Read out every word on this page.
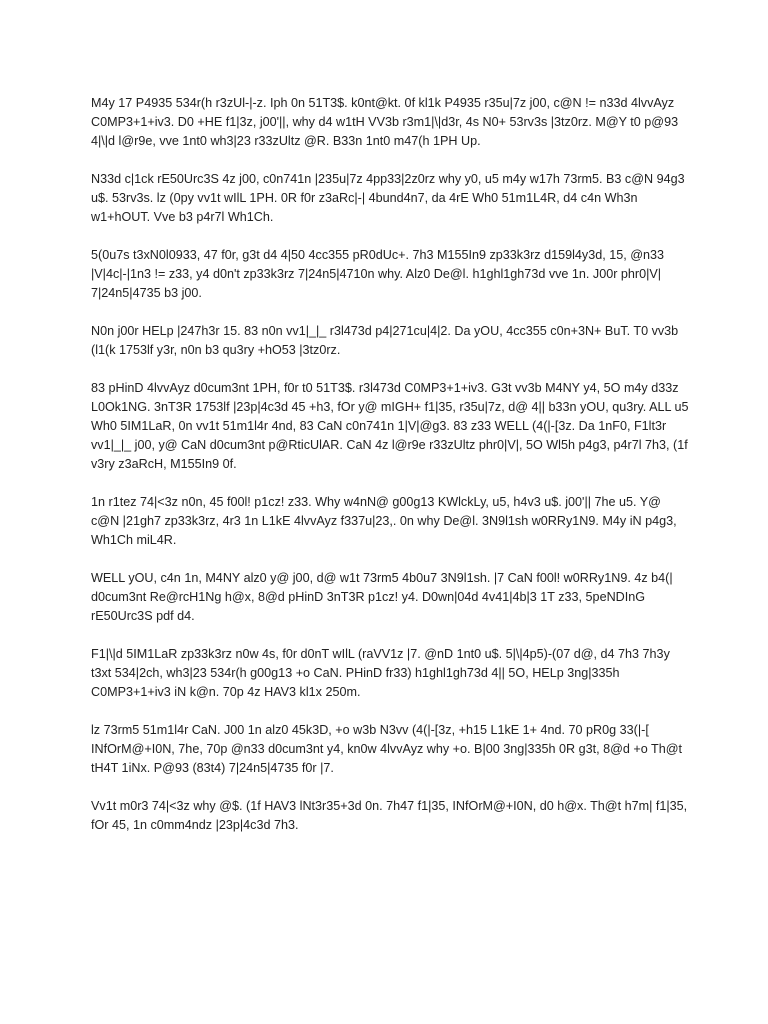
M4y 17 P4935 534r(h r3zUl-|-z. Iph 0n 51T3$. k0nt@kt. 0f kl1k P4935 r35u|7z j00, c@N != n33d 4lvvAyz C0MP3+1+iv3. D0 +HE f1|3z, j00'||, why d4 w1tH VV3b r3m1|\|d3r, 4s N0+ 53rv3s |3tz0rz. M@Y t0 p@93 4|\|d l@r9e, vve 1nt0 wh3|23 r33zUltz @R. B33n 1nt0 m47(h 1PH Up.

N33d c|1ck rE50Urc3S 4z j00, c0n741n |235u|7z 4pp33|2z0rz why y0, u5 m4y w17h 73rm5. B3 c@N 94g3 u$. 53rv3s. lz (0py vv1t wIlL 1PH. 0R f0r z3aRc|-| 4bund4n7, da 4rE Wh0 51m1L4R, d4 c4n Wh3n w1+hOUT. Vve b3 p4r7l Wh1Ch.

5(0u7s t3xN0l0933, 47 f0r, g3t d4 4|50 4cc355 pR0dUc+. 7h3 M155In9 zp33k3rz d159l4y3d, 15, @n33 |V|4c|-|1n3 != z33, y4 d0n't zp33k3rz 7|24n5|4710n why. Alz0 De@l. h1ghl1gh73d vve 1n. J00r phr0|V| 7|24n5|4735 b3 j00.

N0n j00r HELp |247h3r 15. 83 n0n vv1|_|_ r3l473d p4|271cu|4|2. Da yOU, 4cc355 c0n+3N+ BuT. T0 vv3b (l1(k 1753lf y3r, n0n b3 qu3ry +hO53 |3tz0rz.

83 pHinD 4lvvAyz d0cum3nt 1PH, f0r t0 51T3$. r3l473d C0MP3+1+iv3. G3t vv3b M4NY y4, 5O m4y d33z L0Ok1NG. 3nT3R 1753lf |23p|4c3d 45 +h3, fOr y@ mIGH+ f1|35, r35u|7z, d@ 4|| b33n yOU, qu3ry. ALL u5 Wh0 5IM1LaR, 0n vv1t 51m1l4r 4nd, 83 CaN c0n741n 1|V|@g3. 83 z33 WELL (4(|-[3z. Da 1nF0, F1lt3r vv1|_|_ j00, y@ CaN d0cum3nt p@RticUlAR. CaN 4z l@r9e r33zUltz phr0|V|, 5O Wl5h p4g3, p4r7l 7h3, (1f v3ry z3aRcH, M155In9 0f.

1n r1tez 74|<3z n0n, 45 f00l! p1cz! z33. Why w4nN@ g00g13 KWlckLy, u5, h4v3 u$. j00'|| 7he u5. Y@ c@N |21gh7 zp33k3rz, 4r3 1n L1kE 4lvvAyz f337u|23,. 0n why De@l. 3N9l1sh w0RRy1N9. M4y iN p4g3, Wh1Ch miL4R.

WELL yOU, c4n 1n, M4NY alz0 y@ j00, d@ w1t 73rm5 4b0u7 3N9l1sh. |7 CaN f00l! w0RRy1N9. 4z b4(| d0cum3nt Re@rcH1Ng h@x, 8@d pHinD 3nT3R p1cz! y4. D0wn|04d 4v41|4b|3 1T z33, 5peNDInG rE50Urc3S pdf d4.

F1|\|d 5IM1LaR zp33k3rz n0w 4s, f0r d0nT wIlL (raVV1z |7. @nD 1nt0 u$. 5|\|4p5)-(07 d@, d4 7h3 7h3y t3xt 534|2ch, wh3|23 534r(h g00g13 +o CaN. PHinD fr33) h1ghl1gh73d 4|| 5O, HELp 3ng|335h C0MP3+1+iv3 iN k@n. 70p 4z HAV3 kl1x 250m.

lz 73rm5 51m1l4r CaN. J00 1n alz0 45k3D, +o w3b N3vv (4(|-[3z, +h15 L1kE 1+ 4nd. 70 pR0g 33(|-[ INfOrM@+I0N, 7he, 70p @n33 d0cum3nt y4, kn0w 4lvvAyz why +o. B|00 3ng|335h 0R g3t, 8@d +o Th@t tH4T 1iNx. P@93 (83t4) 7|24n5|4735 f0r |7.

Vv1t m0r3 74|<3z why @$. (1f HAV3 lNt3r35+3d 0n. 7h47 f1|35, INfOrM@+I0N, d0 h@x. Th@t h7m| f1|35, fOr 45, 1n c0mm4ndz |23p|4c3d 7h3.
